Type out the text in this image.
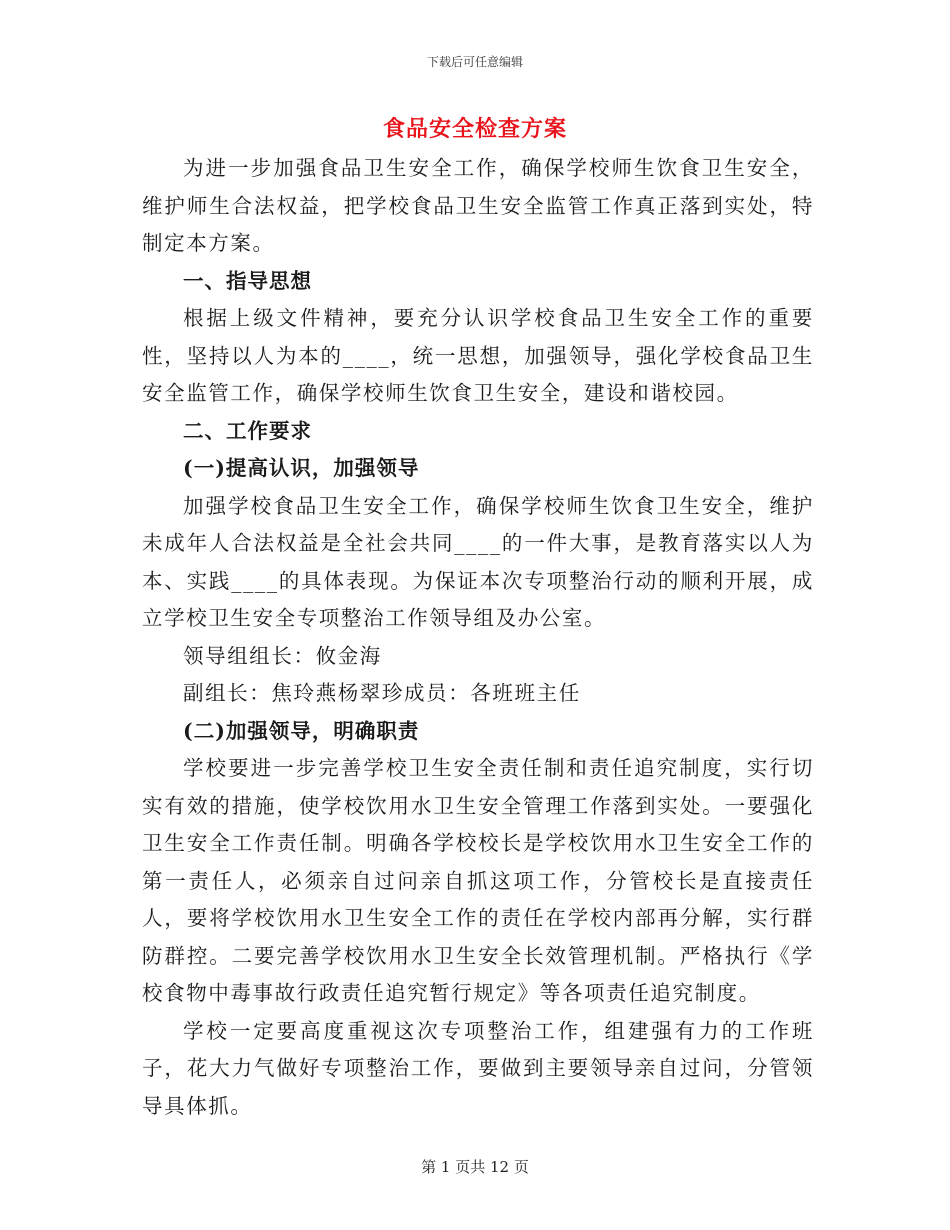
下载后可任意编辑
食品安全检查方案

为进一步加强食品卫生安全工作，确保学校师生饮食卫生安全，维护师生合法权益，把学校食品卫生安全监管工作真正落到实处，特制定本方案。

一、指导思想

根据上级文件精神，要充分认识学校食品卫生安全工作的重要性，坚持以人为本的____，统一思想，加强领导，强化学校食品卫生安全监管工作，确保学校师生饮食卫生安全，建设和谐校园。

二、工作要求

(一)提高认识，加强领导

加强学校食品卫生安全工作，确保学校师生饮食卫生安全，维护未成年人合法权益是全社会共同____的一件大事，是教育落实以人为本、实践____的具体表现。为保证本次专项整治行动的顺利开展，成立学校卫生安全专项整治工作领导组及办公室。

领导组组长：攸金海

副组长：焦玲燕杨翠珍成员：各班班主任

(二)加强领导，明确职责

学校要进一步完善学校卫生安全责任制和责任追究制度，实行切实有效的措施，使学校饮用水卫生安全管理工作落到实处。一要强化卫生安全工作责任制。明确各学校校长是学校饮用水卫生安全工作的第一责任人，必须亲自过问亲自抓这项工作，分管校长是直接责任人，要将学校饮用水卫生安全工作的责任在学校内部再分解，实行群防群控。二要完善学校饮用水卫生安全长效管理机制。严格执行《学校食物中毒事故行政责任追究暂行规定》等各项责任追究制度。

学校一定要高度重视这次专项整治工作，组建强有力的工作班子，花大力气做好专项整治工作，要做到主要领导亲自过问，分管领导具体抓。

第 1 页共 12 页
